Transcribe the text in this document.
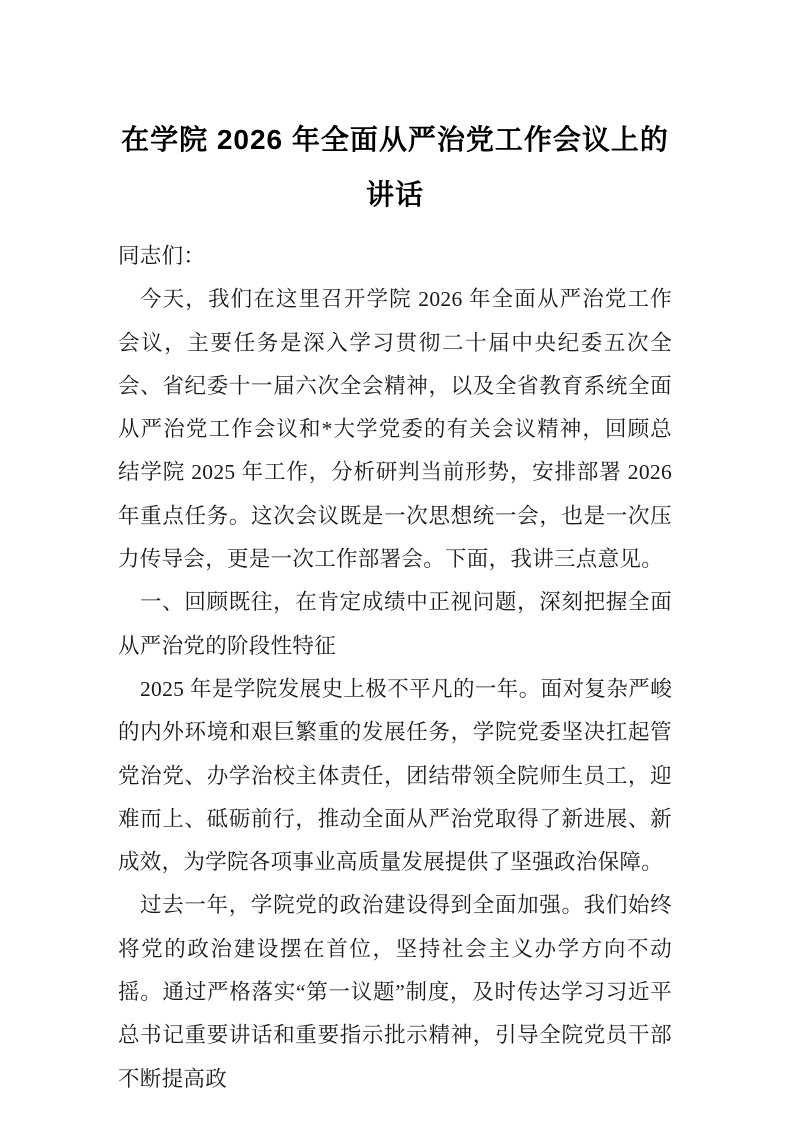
在学院 2026 年全面从严治党工作会议上的
讲话

同志们：

今天，我们在这里召开学院 2026 年全面从严治党工作会议，主要任务是深入学习贯彻二十届中央纪委五次全会、省纪委十一届六次全会精神，以及全省教育系统全面从严治党工作会议和*大学党委的有关会议精神，回顾总结学院 2025 年工作，分析研判当前形势，安排部署 2026 年重点任务。这次会议既是一次思想统一会，也是一次压力传导会，更是一次工作部署会。下面，我讲三点意见。

一、回顾既往，在肯定成绩中正视问题，深刻把握全面从严治党的阶段性特征

2025 年是学院发展史上极不平凡的一年。面对复杂严峻的内外环境和艰巨繁重的发展任务，学院党委坚决扛起管党治党、办学治校主体责任，团结带领全院师生员工，迎难而上、砥砺前行，推动全面从严治党取得了新进展、新成效，为学院各项事业高质量发展提供了坚强政治保障。

过去一年，学院党的政治建设得到全面加强。我们始终将党的政治建设摆在首位，坚持社会主义办学方向不动摇。通过严格落实“第一议题”制度，及时传达学习习近平总书记重要讲话和重要指示批示精神，引导全院党员干部不断提高政
